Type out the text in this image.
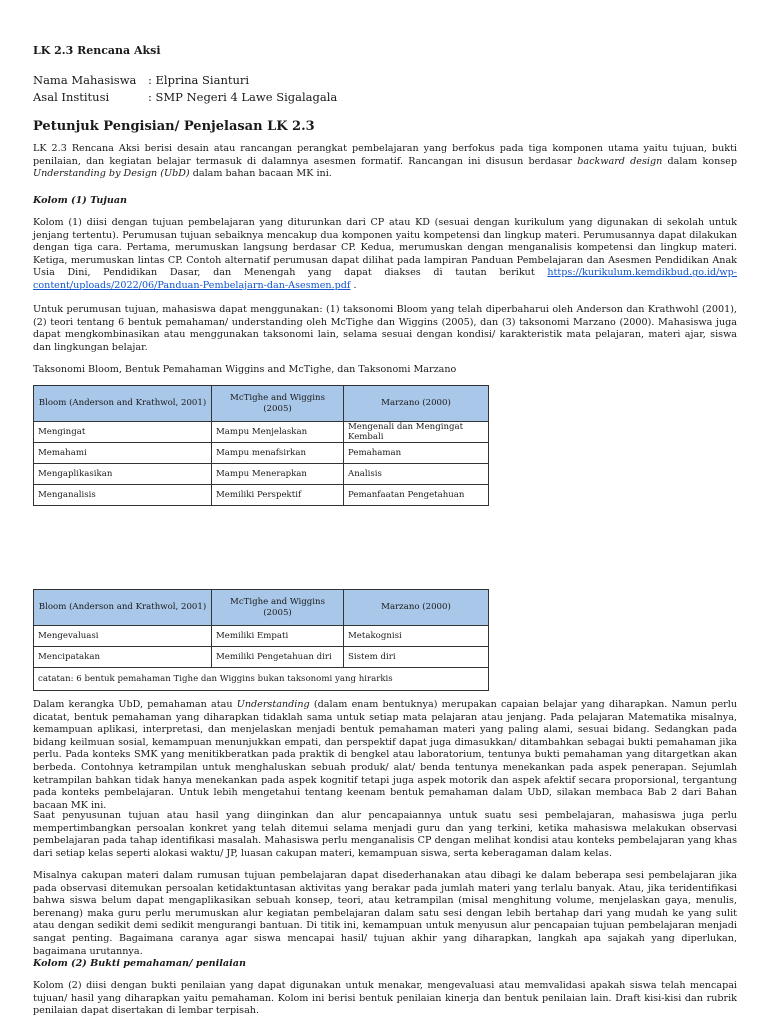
LK 2.3 Rencana Aksi
Nama Mahasiswa	: Elprina Sianturi
Asal Institusi	: SMP Negeri 4 Lawe Sigalagala
Petunjuk Pengisian/ Penjelasan LK 2.3

LK 2.3 Rencana Aksi berisi desain atau rancangan perangkat pembelajaran yang berfokus pada tiga komponen utama yaitu tujuan, bukti penilaian, dan kegiatan belajar termasuk di dalamnya asesmen formatif. Rancangan ini disusun berdasar backward design dalam konsep Understanding by Design (UbD) dalam bahan bacaan MK ini.

Kolom (1) Tujuan

Kolom (1) diisi dengan tujuan pembelajaran yang diturunkan dari CP atau KD (sesuai dengan kurikulum yang digunakan di sekolah untuk jenjang tertentu). Perumusan tujuan sebaiknya mencakup dua komponen yaitu kompetensi dan lingkup materi. Perumusannya dapat dilakukan dengan tiga cara. Pertama, merumuskan langsung berdasar CP. Kedua, merumuskan dengan menganalisis kompetensi dan lingkup materi. Ketiga, merumuskan lintas CP. Contoh alternatif perumusan dapat dilihat pada lampiran Panduan Pembelajaran dan Asesmen Pendidikan Anak Usia Dini, Pendidikan Dasar, dan Menengah yang dapat diakses di tautan berikut https://kurikulum.kemdikbud.go.id/wp-content/uploads/2022/06/Panduan-Pembelajarn-dan-Asesmen.pdf .

Untuk perumusan tujuan, mahasiswa dapat menggunakan: (1) taksonomi Bloom yang telah diperbaharui oleh Anderson dan Krathwohl (2001), (2) teori tentang 6 bentuk pemahaman/ understanding oleh McTighe dan Wiggins (2005), dan (3) taksonomi Marzano (2000). Mahasiswa juga dapat mengkombinasikan atau menggunakan taksonomi lain, selama sesuai dengan kondisi/ karakteristik mata pelajaran, materi ajar, siswa dan lingkungan belajar.

Taksonomi Bloom, Bentuk Pemahaman Wiggins and McTighe, dan Taksonomi Marzano

Bloom (Anderson and Krathwol, 2001)	McTighe and Wiggins (2005)	Marzano (2000)
Mengingat	Mampu Menjelaskan	Mengenali dan Mengingat Kembali
Memahami	Mampu menafsirkan	Pemahaman
Mengaplikasikan	Mampu Menerapkan	Analisis
Menganalisis	Memiliki Perspektif	Pemanfaatan Pengetahuan
Bloom (Anderson and Krathwol, 2001)	McTighe and Wiggins (2005)	Marzano (2000)
Mengevaluasi	Memiliki Empati	Metakognisi
Mencipatakan	Memiliki Pengetahuan diri	Sistem diri
catatan: 6 bentuk pemahaman Tighe dan Wiggins bukan taksonomi yang hirarkis		

Dalam kerangka UbD, pemahaman atau Understanding (dalam enam bentuknya) merupakan capaian belajar yang diharapkan. Namun perlu dicatat, bentuk pemahaman yang diharapkan tidaklah sama untuk setiap mata pelajaran atau jenjang. Pada pelajaran Matematika misalnya, kemampuan aplikasi, interpretasi, dan menjelaskan menjadi bentuk pemahaman materi yang paling alami, sesuai bidang. Sedangkan pada bidang keilmuan sosial, kemampuan menunjukkan empati, dan perspektif dapat juga dimasukkan/ ditambahkan sebagai bukti pemahaman jika perlu. Pada konteks SMK yang menitikberatkan pada praktik di bengkel atau laboratorium, tentunya bukti pemahaman yang ditargetkan akan berbeda. Contohnya ketrampilan untuk menghaluskan sebuah produk/ alat/ benda tentunya menekankan pada aspek penerapan. Sejumlah ketrampilan bahkan tidak hanya menekankan pada aspek kognitif tetapi juga aspek motorik dan aspek afektif secara proporsional, tergantung pada konteks pembelajaran. Untuk lebih mengetahui tentang keenam bentuk pemahaman dalam UbD, silakan membaca Bab 2 dari Bahan bacaan MK ini.

Saat penyusunan tujuan atau hasil yang diinginkan dan alur pencapaiannya untuk suatu sesi pembelajaran, mahasiswa juga perlu mempertimbangkan persoalan konkret yang telah ditemui selama menjadi guru dan yang terkini, ketika mahasiswa melakukan observasi pembelajaran pada tahap identifikasi masalah. Mahasiswa perlu menganalisis CP dengan melihat kondisi atau konteks pembelajaran yang khas dari setiap kelas seperti alokasi waktu/ JP, luasan cakupan materi, kemampuan siswa, serta keberagaman dalam kelas.

Misalnya cakupan materi dalam rumusan tujuan pembelajaran dapat disederhanakan atau dibagi ke dalam beberapa sesi pembelajaran jika pada observasi ditemukan persoalan ketidaktuntasan aktivitas yang berakar pada jumlah materi yang terlalu banyak. Atau, jika teridentifikasi bahwa siswa belum dapat mengaplikasikan sebuah konsep, teori, atau ketrampilan (misal menghitung volume, menjelaskan gaya, menulis, berenang) maka guru perlu merumuskan alur kegiatan pembelajaran dalam satu sesi dengan lebih bertahap dari yang mudah ke yang sulit atau dengan sedikit demi sedikit mengurangi bantuan. Di titik ini, kemampuan untuk menyusun alur pencapaian tujuan pembelajaran menjadi sangat penting. Bagaimana caranya agar siswa mencapai hasil/ tujuan akhir yang diharapkan, langkah apa sajakah yang diperlukan, bagaimana urutannya.

Kolom (2) Bukti pemahaman/ penilaian

Kolom (2) diisi dengan bukti penilaian yang dapat digunakan untuk menakar, mengevaluasi atau memvalidasi apakah siswa telah mencapai tujuan/ hasil yang diharapkan yaitu pemahaman. Kolom ini berisi bentuk penilaian kinerja dan bentuk penilaian lain. Draft kisi-kisi dan rubrik penilaian dapat disertakan di lembar terpisah.
